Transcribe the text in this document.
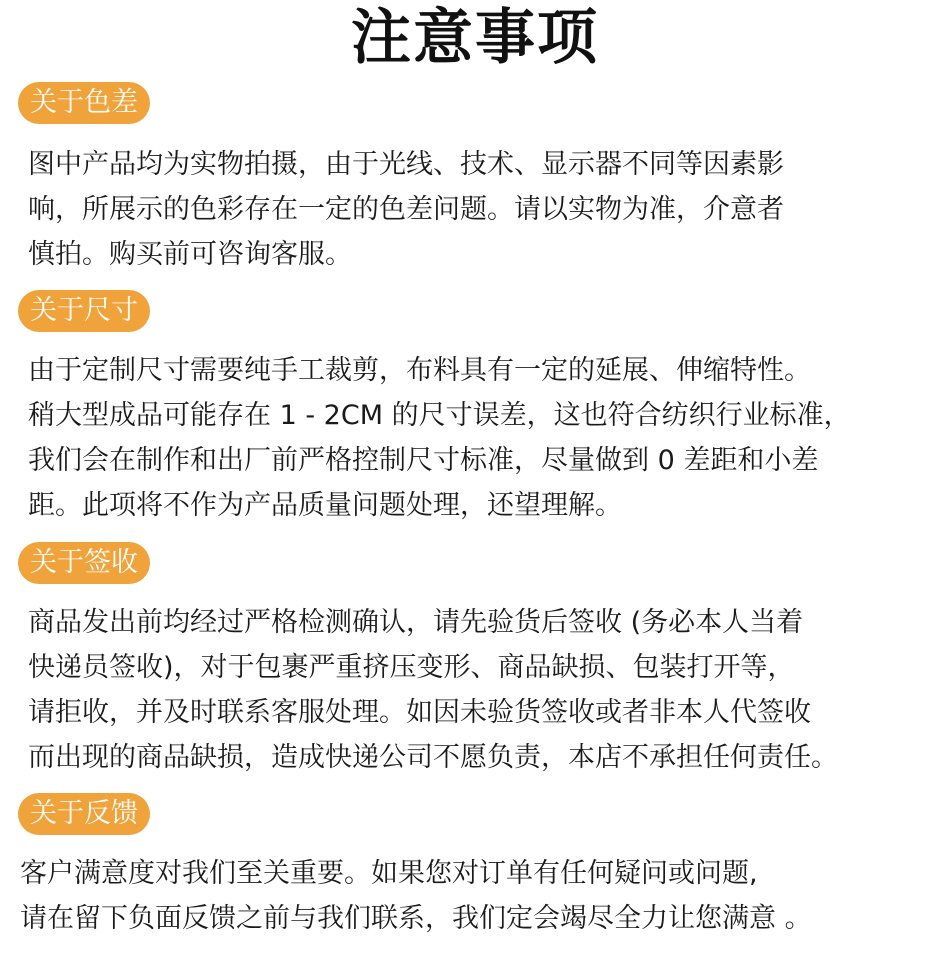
注意事项
关于色差
图中产品均为实物拍摄，由于光线、技术、显示器不同等因素影
响，所展示的色彩存在一定的色差问题。请以实物为准，介意者
慎拍。购买前可咨询客服。
关于尺寸
由于定制尺寸需要纯手工裁剪，布料具有一定的延展、伸缩特性。
稍大型成品可能存在 1 - 2CM 的尺寸误差，这也符合纺织行业标准，
我们会在制作和出厂前严格控制尺寸标准，尽量做到 0 差距和小差
距。此项将不作为产品质量问题处理，还望理解。
关于签收
商品发出前均经过严格检测确认，请先验货后签收 (务必本人当着
快递员签收)，对于包裹严重挤压变形、商品缺损、包装打开等，
请拒收，并及时联系客服处理。如因未验货签收或者非本人代签收
而出现的商品缺损，造成快递公司不愿负责，本店不承担任何责任。
关于反馈
客户满意度对我们至关重要。如果您对订单有任何疑问或问题,
请在留下负面反馈之前与我们联系，我们定会竭尽全力让您满意 。
